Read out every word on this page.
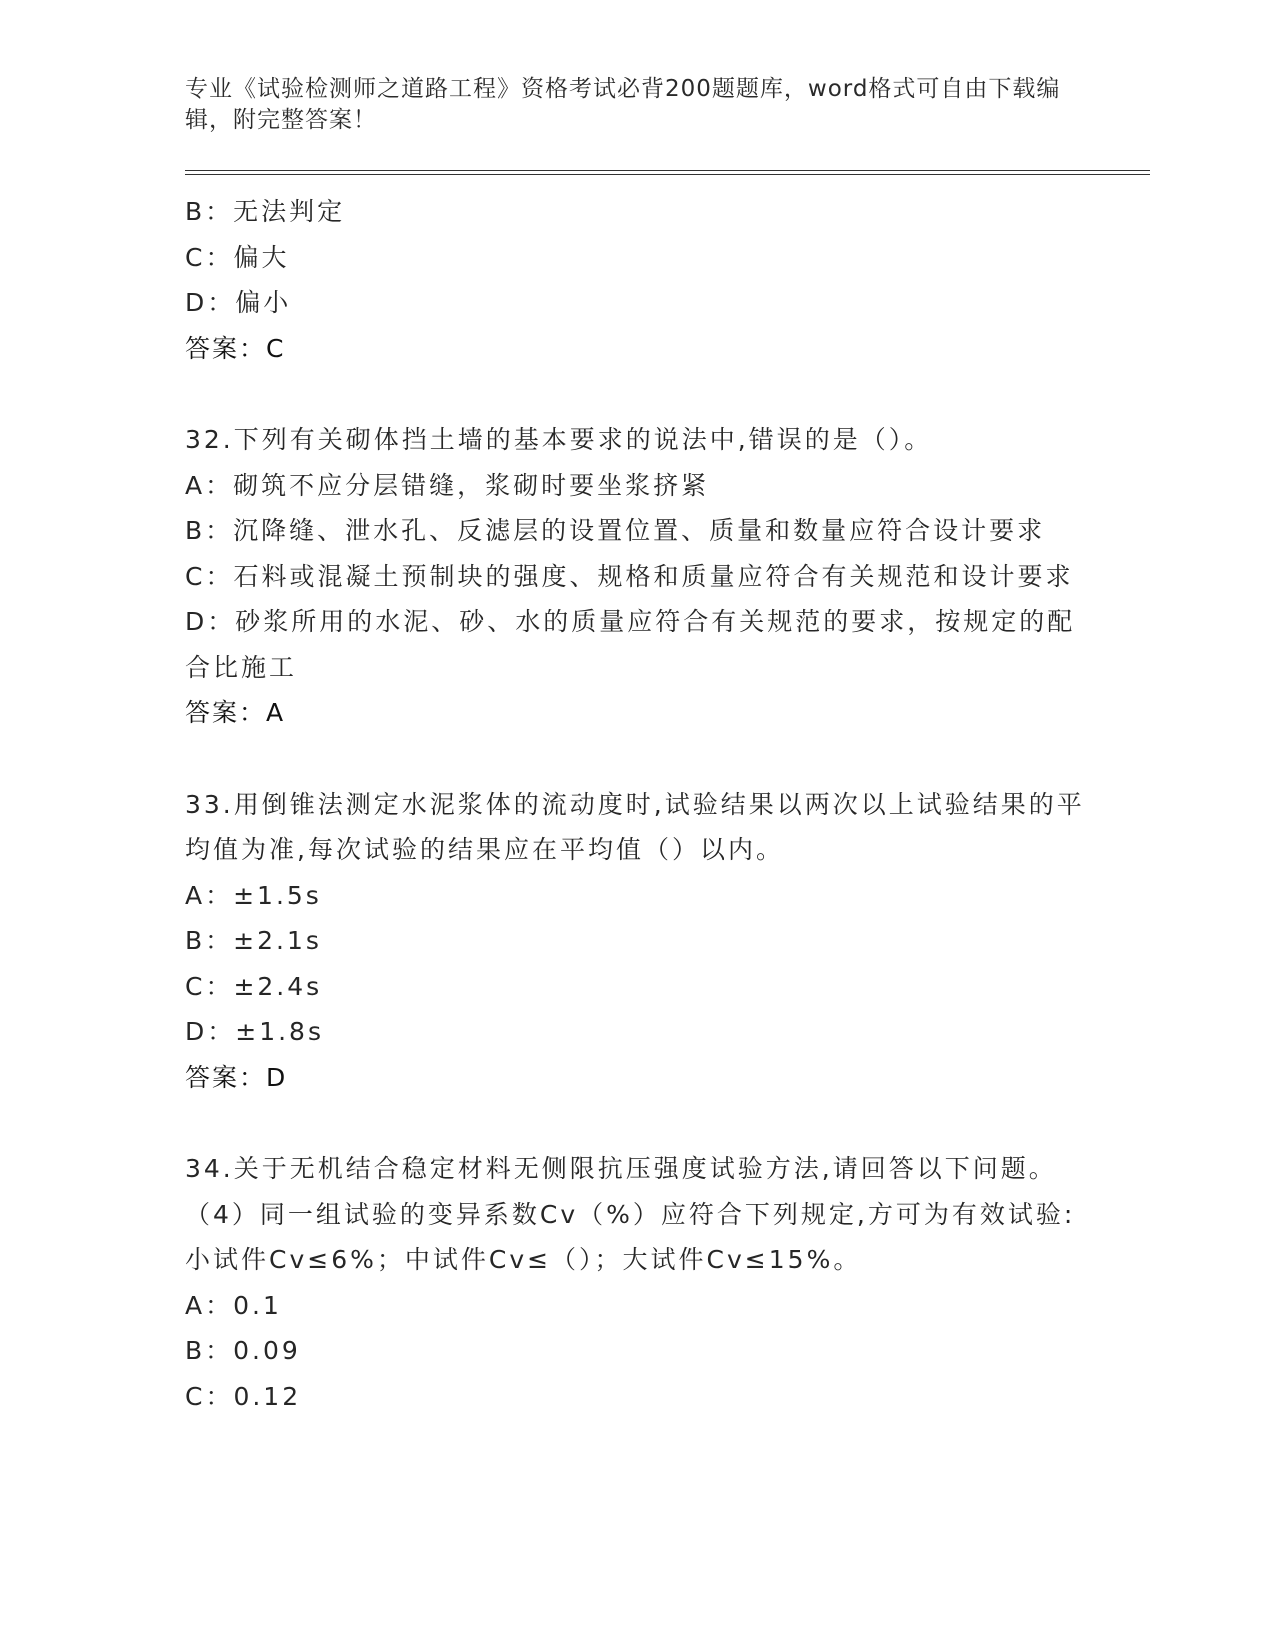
专业《试验检测师之道路工程》资格考试必背200题题库，word格式可自由下载编辑，附完整答案！
B：无法判定
C：偏大
D：偏小
答案：C
32.下列有关砌体挡土墙的基本要求的说法中,错误的是（）。
A：砌筑不应分层错缝，浆砌时要坐浆挤紧
B：沉降缝、泄水孔、反滤层的设置位置、质量和数量应符合设计要求
C：石料或混凝土预制块的强度、规格和质量应符合有关规范和设计要求
D：砂浆所用的水泥、砂、水的质量应符合有关规范的要求，按规定的配合比施工
答案：A
33.用倒锥法测定水泥浆体的流动度时,试验结果以两次以上试验结果的平均值为准,每次试验的结果应在平均值（）以内。
A：±1.5s
B：±2.1s
C：±2.4s
D：±1.8s
答案：D
34.关于无机结合稳定材料无侧限抗压强度试验方法,请回答以下问题。（4）同一组试验的变异系数Cv（%）应符合下列规定,方可为有效试验:小试件Cv≤6%；中试件Cv≤（）；大试件Cv≤15%。
A：0.1
B：0.09
C：0.12
